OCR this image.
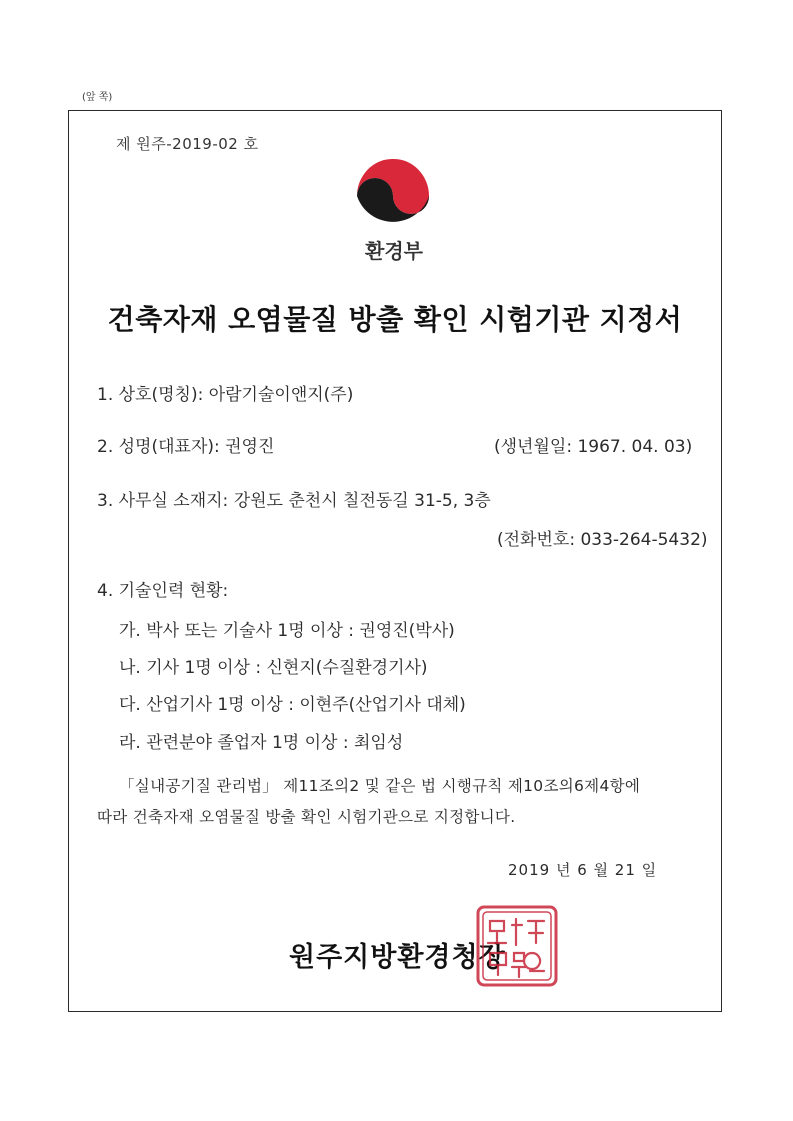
(앞 쪽)
제 원주-2019-02 호
환경부
건축자재 오염물질 방출 확인 시험기관 지정서
1. 상호(명칭): 아람기술이앤지(주)
2. 성명(대표자): 권영진	(생년월일: 1967. 04. 03)
3. 사무실 소재지: 강원도 춘천시 칠전동길 31-5, 3층
(전화번호: 033-264-5432)
4. 기술인력 현황:
가. 박사 또는 기술사 1명 이상 : 권영진(박사)
나. 기사 1명 이상 : 신현지(수질환경기사)
다. 산업기사 1명 이상 : 이현주(산업기사 대체)
라. 관련분야 졸업자 1명 이상 : 최임성
「실내공기질 관리법」 제11조의2 및 같은 법 시행규칙 제10조의6제4항에
따라 건축자재 오염물질 방출 확인 시험기관으로 지정합니다.
2019 년 6 월 21 일
원주지방환경청장
